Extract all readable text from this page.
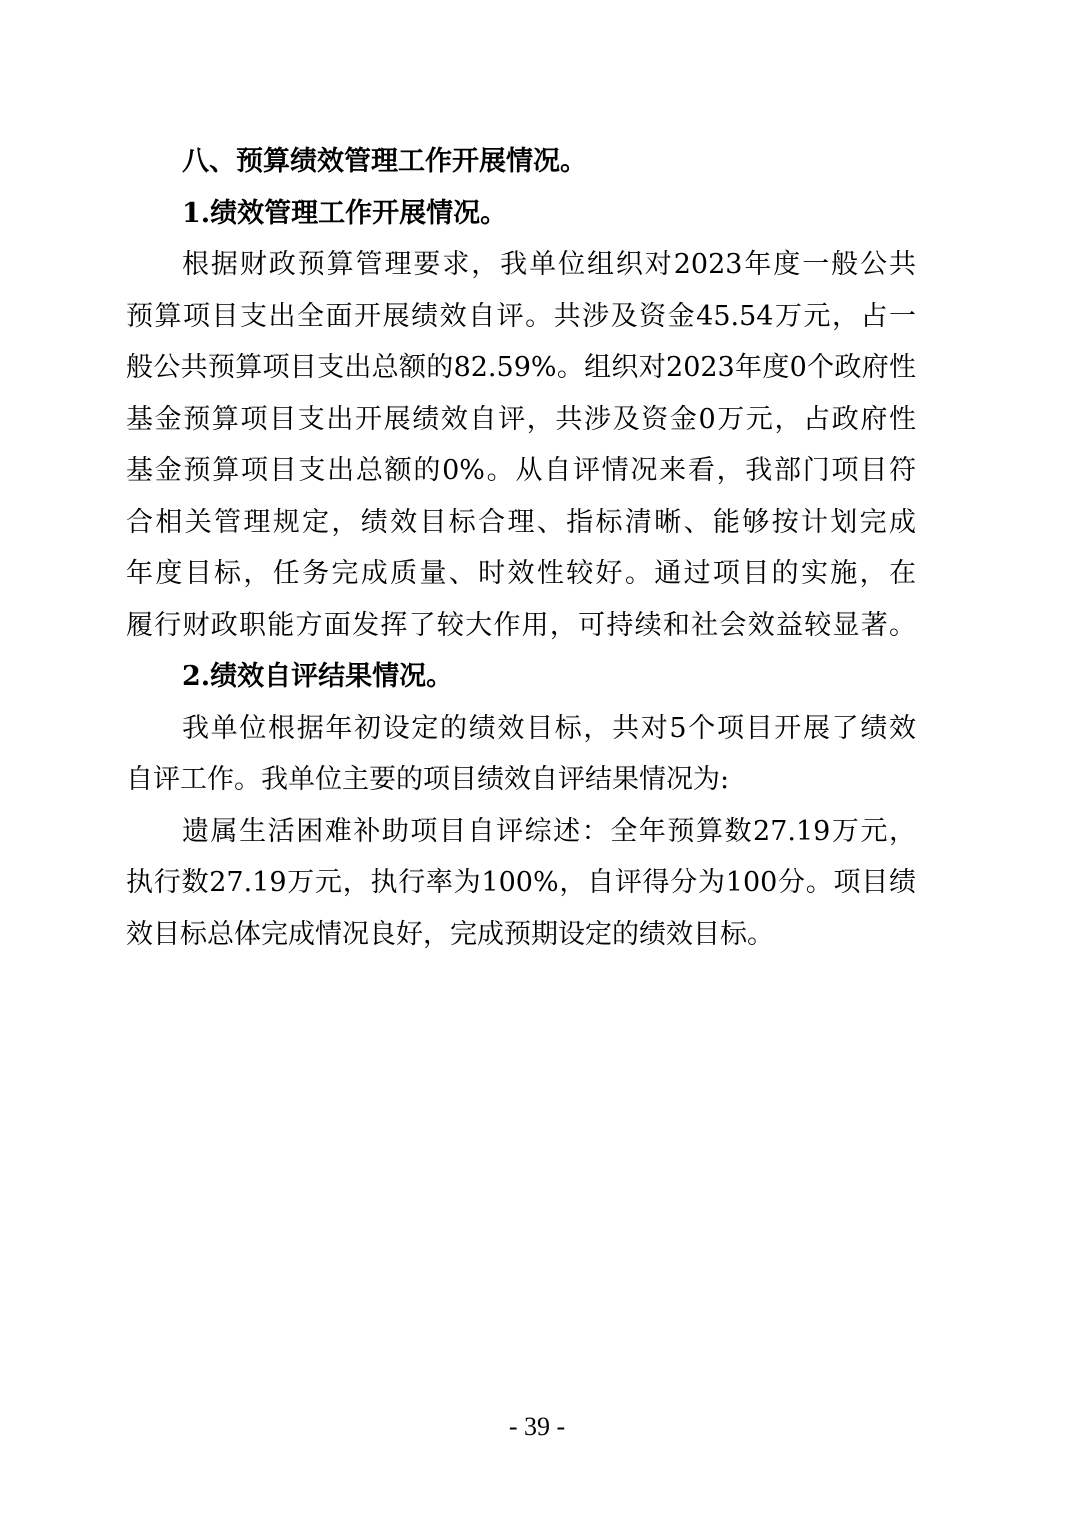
八、预算绩效管理工作开展情况。
1.绩效管理工作开展情况。
根据财政预算管理要求，我单位组织对2023年度一般公共
预算项目支出全面开展绩效自评。共涉及资金45.54万元，占一
般公共预算项目支出总额的82.59%。组织对2023年度0个政府性
基金预算项目支出开展绩效自评，共涉及资金0万元，占政府性
基金预算项目支出总额的0%。从自评情况来看，我部门项目符
合相关管理规定，绩效目标合理、指标清晰、能够按计划完成
年度目标，任务完成质量、时效性较好。通过项目的实施，在
履行财政职能方面发挥了较大作用，可持续和社会效益较显著。
2.绩效自评结果情况。
我单位根据年初设定的绩效目标，共对5个项目开展了绩效
自评工作。我单位主要的项目绩效自评结果情况为:
遗属生活困难补助项目自评综述：全年预算数27.19万元，
执行数27.19万元，执行率为100%，自评得分为100分。项目绩
效目标总体完成情况良好，完成预期设定的绩效目标。
- 39 -
